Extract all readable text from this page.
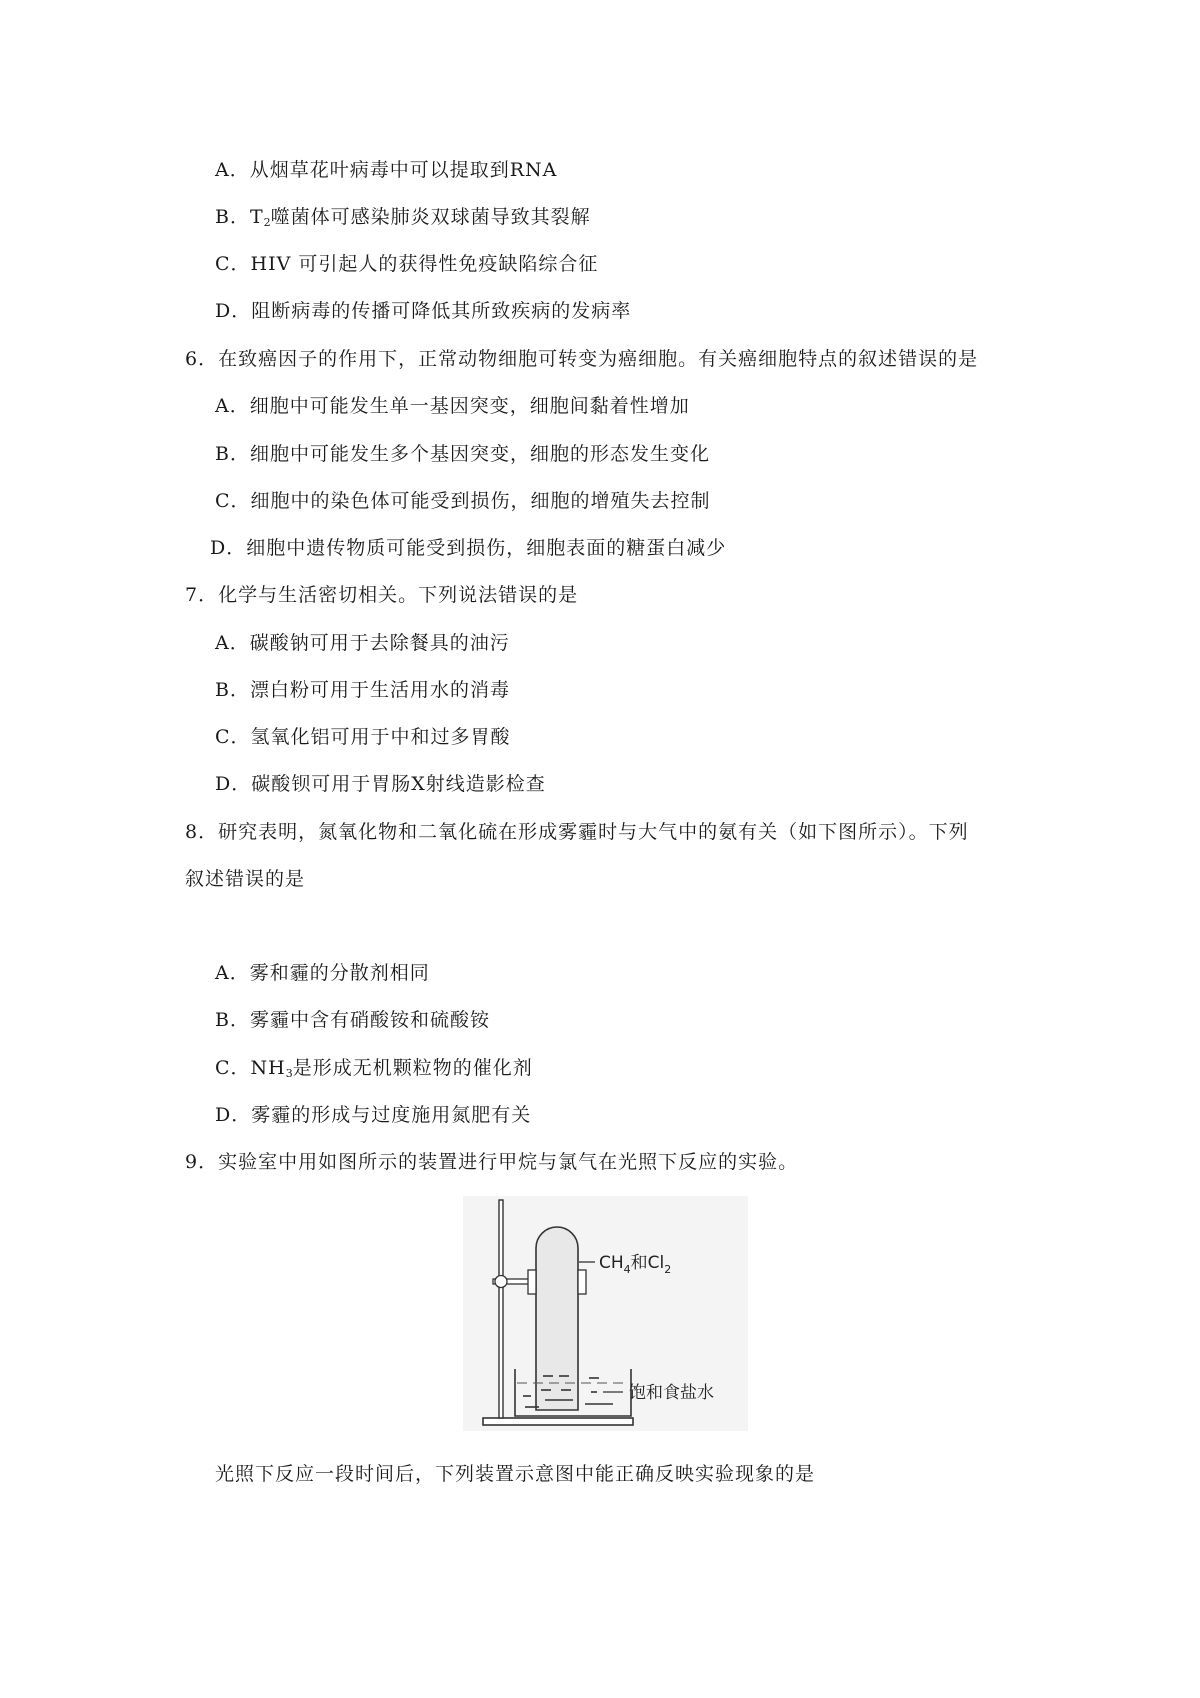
A．从烟草花叶病毒中可以提取到RNA
B．$T_2$噬菌体可感染肺炎双球菌导致其裂解
C．HIV 可引起人的获得性免疫缺陷综合征
D．阻断病毒的传播可降低其所致疾病的发病率
6．在致癌因子的作用下，正常动物细胞可转变为癌细胞。有关癌细胞特点的叙述错误的是
A．细胞中可能发生单一基因突变，细胞间黏着性增加
B．细胞中可能发生多个基因突变，细胞的形态发生变化
C．细胞中的染色体可能受到损伤，细胞的增殖失去控制
D．细胞中遗传物质可能受到损伤，细胞表面的糖蛋白减少
7．化学与生活密切相关。下列说法错误的是
A．碳酸钠可用于去除餐具的油污
B．漂白粉可用于生活用水的消毒
C．氢氧化铝可用于中和过多胃酸
D．碳酸钡可用于胃肠X射线造影检查
8．研究表明，氮氧化物和二氧化硫在形成雾霾时与大气中的氨有关（如下图所示）。下列
叙述错误的是
A．雾和霾的分散剂相同
B．雾霾中含有硝酸铵和硫酸铵
C．$NH_3$是形成无机颗粒物的催化剂
D．雾霾的形成与过度施用氮肥有关
9．实验室中用如图所示的装置进行甲烷与氯气在光照下反应的实验。
$CH_4$和$Cl_2$
饱和食盐水
光照下反应一段时间后，下列装置示意图中能正确反映实验现象的是
